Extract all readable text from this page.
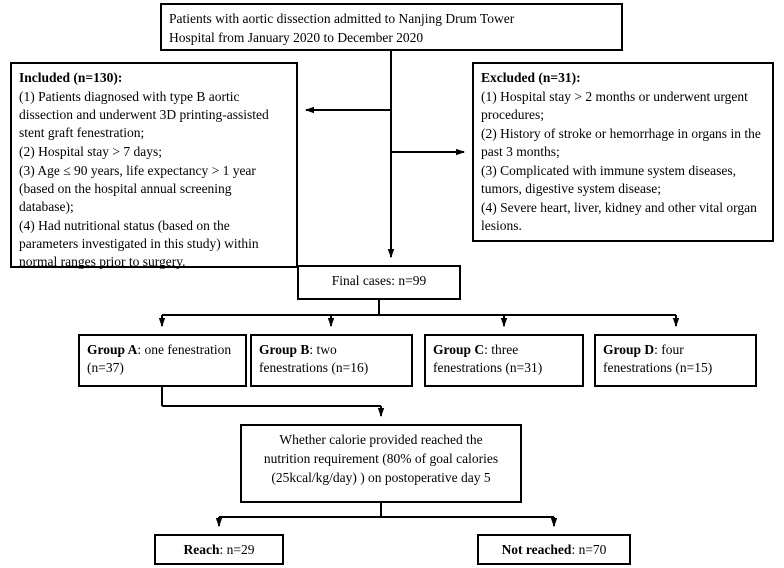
Patients with aortic dissection admitted to Nanjing Drum Tower

Hospital from January 2020 to December 2020

Included (n=130):

(1) Patients diagnosed with type B aortic dissection and underwent 3D printing-assisted stent graft fenestration;

(2) Hospital stay > 7 days;

(3) Age ≤ 90 years, life expectancy > 1 year (based on the hospital annual screening database);

(4) Had nutritional status (based on the parameters investigated in this study) within normal ranges prior to surgery.

Excluded (n=31):

(1) Hospital stay > 2 months or underwent urgent procedures;

(2) History of stroke or hemorrhage in organs in the past 3 months;

(3) Complicated with immune system diseases, tumors, digestive system disease;

(4) Severe heart, liver, kidney and other vital organ lesions.

Final cases: n=99

Group A: one fenestration (n=37)

Group B: two fenestrations (n=16)

Group C: three fenestrations (n=31)

Group D: four fenestrations (n=15)

Whether calorie provided reached the

nutrition requirement (80% of goal calories

(25kcal/kg/day) ) on postoperative day 5

Reach: n=29	Not reached: n=70
